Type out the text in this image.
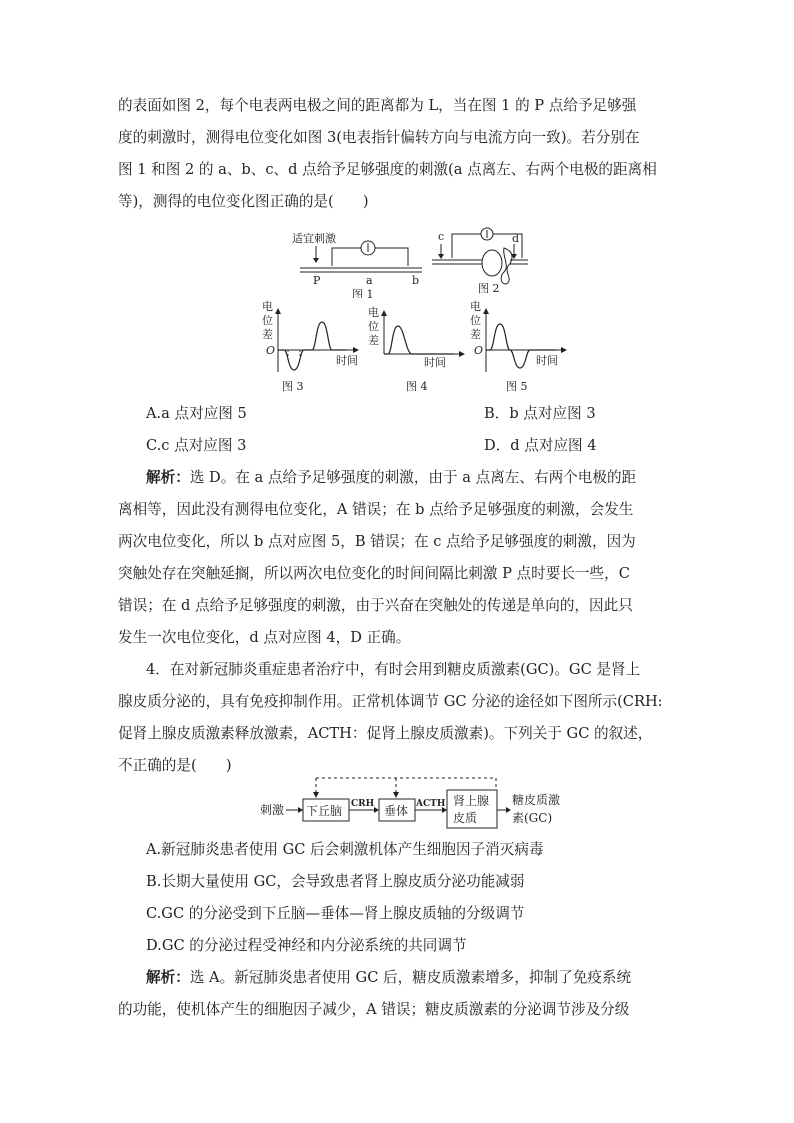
的表面如图 2，每个电表两电极之间的距离都为 L，当在图 1 的 P 点给予足够强
度的刺激时，测得电位变化如图 3(电表指针偏转方向与电流方向一致)。若分别在
图 1 和图 2 的 a、b、c、d 点给予足够强度的刺激(a 点离左、右两个电极的距离相
等)，测得的电位变化图正确的是(　　)
适宜刺激
P	a	b
图 1
c	d
图 2
电
位
差
O
时间
图 3
电
位
差
时间
图 4
电
位
差
O
时间
图 5
A.a 点对应图 5	B．b 点对应图 3
C.c 点对应图 3	D．d 点对应图 4
解析：选 D。在 a 点给予足够强度的刺激，由于 a 点离左、右两个电极的距
离相等，因此没有测得电位变化，A 错误；在 b 点给予足够强度的刺激，会发生
两次电位变化，所以 b 点对应图 5，B 错误；在 c 点给予足够强度的刺激，因为
突触处存在突触延搁，所以两次电位变化的时间间隔比刺激 P 点时要长一些，C
错误；在 d 点给予足够强度的刺激，由于兴奋在突触处的传递是单向的，因此只
发生一次电位变化，d 点对应图 4，D 正确。
4．在对新冠肺炎重症患者治疗中，有时会用到糖皮质激素(GC)。GC 是肾上
腺皮质分泌的，具有免疫抑制作用。正常机体调节 GC 分泌的途径如下图所示(CRH:
促肾上腺皮质激素释放激素，ACTH：促肾上腺皮质激素)。下列关于 GC 的叙述，
不正确的是(　　)
刺激 下丘脑 CRH 垂体 ACTH 肾上腺
皮质
糖皮质激
素(GC)
A.新冠肺炎患者使用 GC 后会刺激机体产生细胞因子消灭病毒
B.长期大量使用 GC，会导致患者肾上腺皮质分泌功能减弱
C.GC 的分泌受到下丘脑—垂体—肾上腺皮质轴的分级调节
D.GC 的分泌过程受神经和内分泌系统的共同调节
解析：选 A。新冠肺炎患者使用 GC 后，糖皮质激素增多，抑制了免疫系统
的功能，使机体产生的细胞因子减少，A 错误；糖皮质激素的分泌调节涉及分级
